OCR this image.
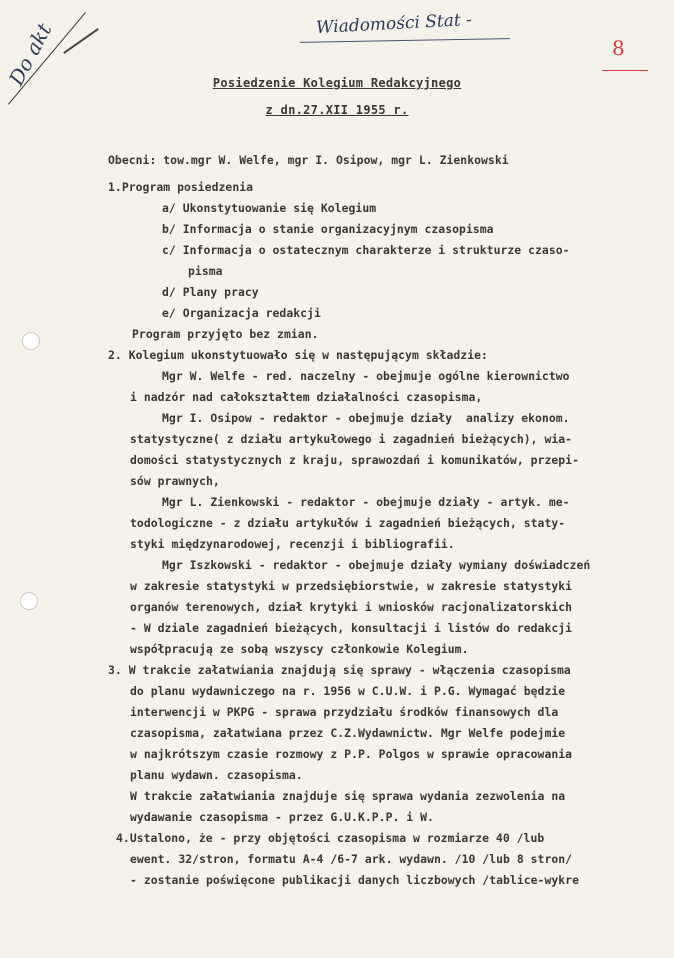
Wiadomości Stat -
8
Do akt	Posiedzenie Kolegium Redakcyjnego
z dn.27.XII 1955 r.
Obecni: tow.mgr W. Welfe, mgr I. Osipow, mgr L. Zienkowski
1.Program posiedzenia
a/ Ukonstytuowanie się Kolegium
b/ Informacja o stanie organizacyjnym czasopisma
c/ Informacja o ostatecznym charakterze i strukturze czaso-
pisma
d/ Plany pracy
e/ Organizacja redakcji
Program przyjęto bez zmian.
2. Kolegium ukonstytuowało się w następującym składzie:
Mgr W. Welfe - red. naczelny - obejmuje ogólne kierownictwo
i nadzór nad całokształtem działalności czasopisma,
Mgr I. Osipow - redaktor - obejmuje działy  analizy ekonom.
statystyczne( z działu artykułowego i zagadnień bieżących), wia-
domości statystycznych z kraju, sprawozdań i komunikatów, przepi-
sów prawnych,
Mgr L. Zienkowski - redaktor - obejmuje działy - artyk. me-
todologiczne - z działu artykułów i zagadnień bieżących, staty-
styki międzynarodowej, recenzji i bibliografii.
Mgr Iszkowski - redaktor - obejmuje działy wymiany doświadczeń
w zakresie statystyki w przedsiębiorstwie, w zakresie statystyki
organów terenowych, dział krytyki i wniosków racjonalizatorskich
- W dziale zagadnień bieżących, konsultacji i listów do redakcji
współpracują ze sobą wszyscy członkowie Kolegium.
3. W trakcie załatwiania znajdują się sprawy - włączenia czasopisma
do planu wydawniczego na r. 1956 w C.U.W. i P.G. Wymagać będzie
interwencji w PKPG - sprawa przydziału środków finansowych dla
czasopisma, załatwiana przez C.Z.Wydawnictw. Mgr Welfe podejmie
w najkrótszym czasie rozmowy z P.P. Polgos w sprawie opracowania
planu wydawn. czasopisma.
W trakcie załatwiania znajduje się sprawa wydania zezwolenia na
wydawanie czasopisma - przez G.U.K.P.P. i W.
4.Ustalono, że - przy objętości czasopisma w rozmiarze 40 /lub
ewent. 32/stron, formatu A-4 /6-7 ark. wydawn. /10 /lub 8 stron/
- zostanie poświęcone publikacji danych liczbowych /tablice-wykre
